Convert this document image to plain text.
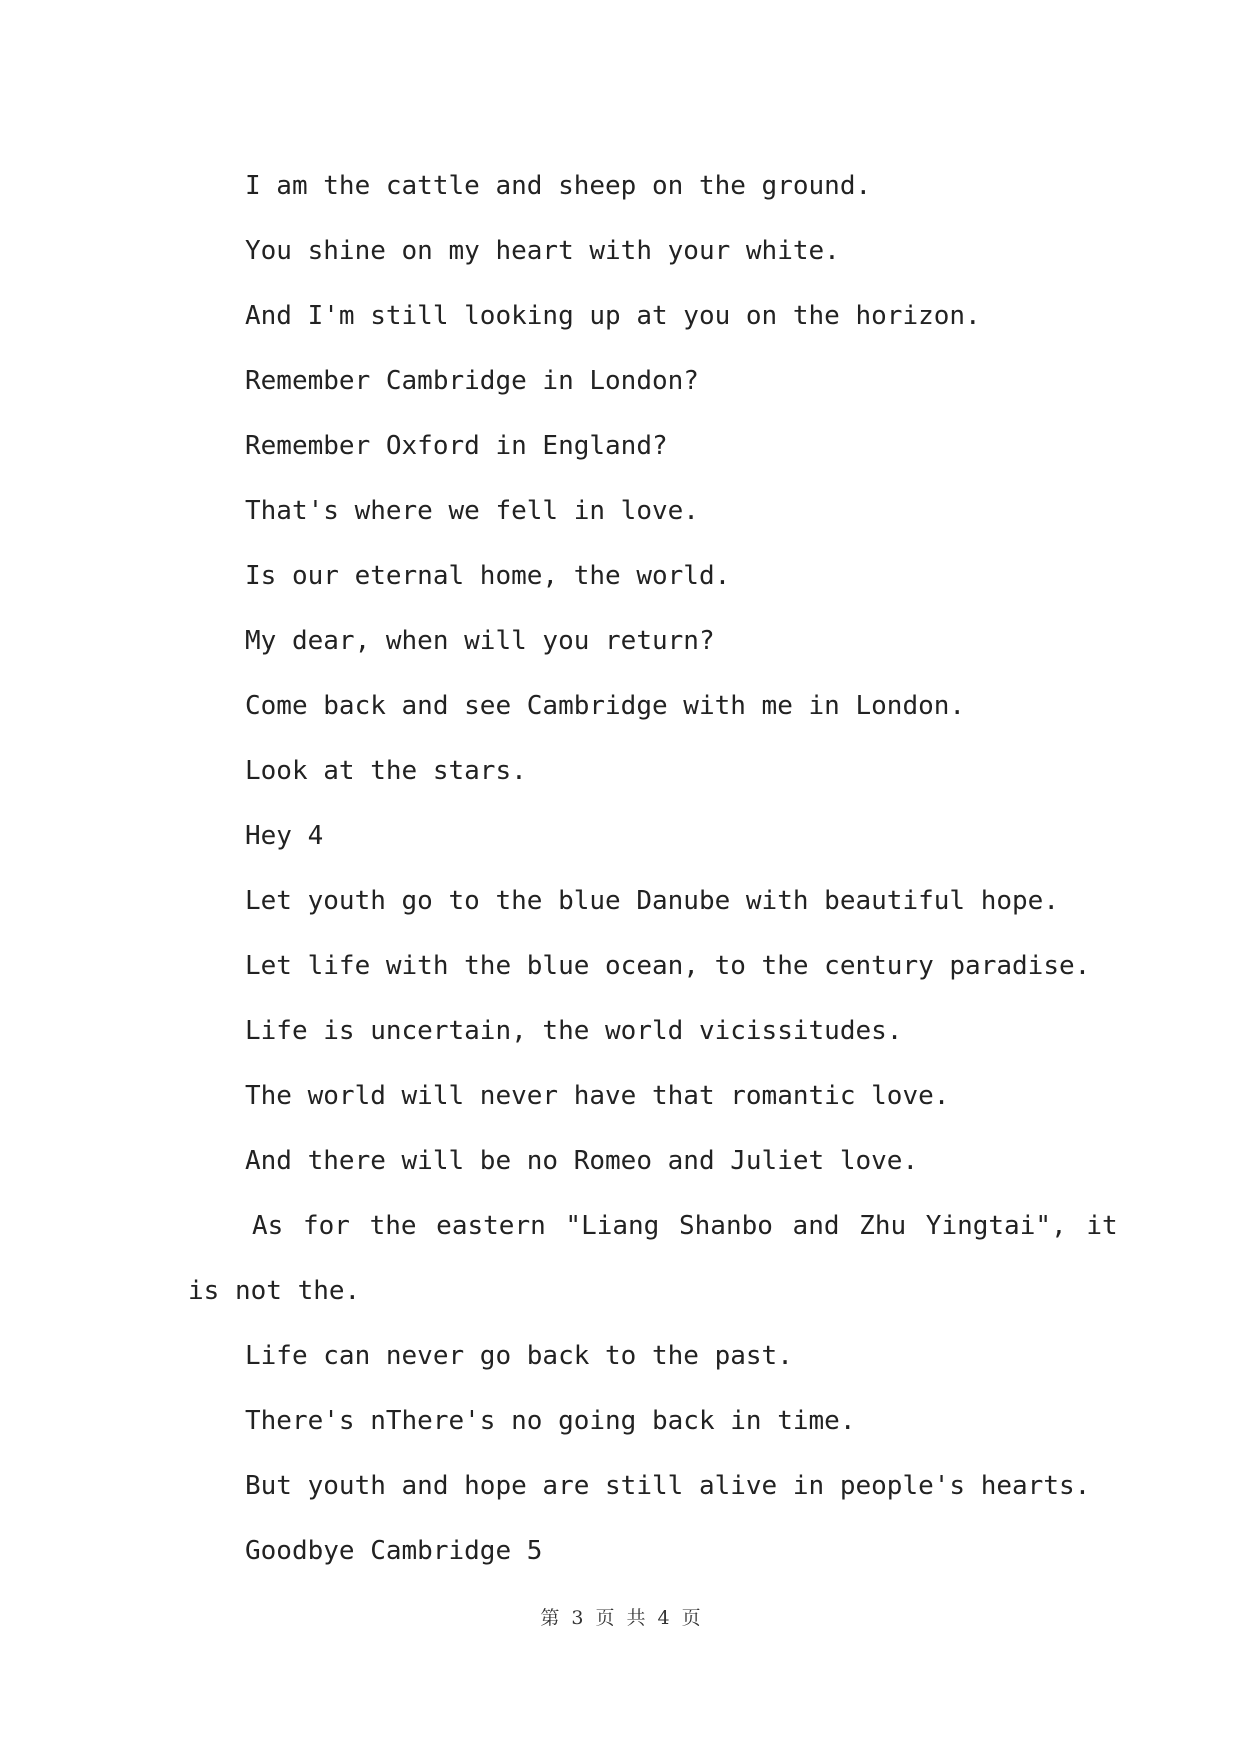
I am the cattle and sheep on the ground.
You shine on my heart with your white.
And I'm still looking up at you on the horizon.
Remember Cambridge in London?
Remember Oxford in England?
That's where we fell in love.
Is our eternal home, the world.
My dear, when will you return?
Come back and see Cambridge with me in London.
Look at the stars.
Hey 4
Let youth go to the blue Danube with beautiful hope.
Let life with the blue ocean, to the century paradise.
Life is uncertain, the world vicissitudes.
The world will never have that romantic love.
And there will be no Romeo and Juliet love.
As for the eastern "Liang Shanbo and Zhu Yingtai", it
is not the.
Life can never go back to the past.
There's nThere's no going back in time.
But youth and hope are still alive in people's hearts.
Goodbye Cambridge 5
第 3 页 共 4 页
